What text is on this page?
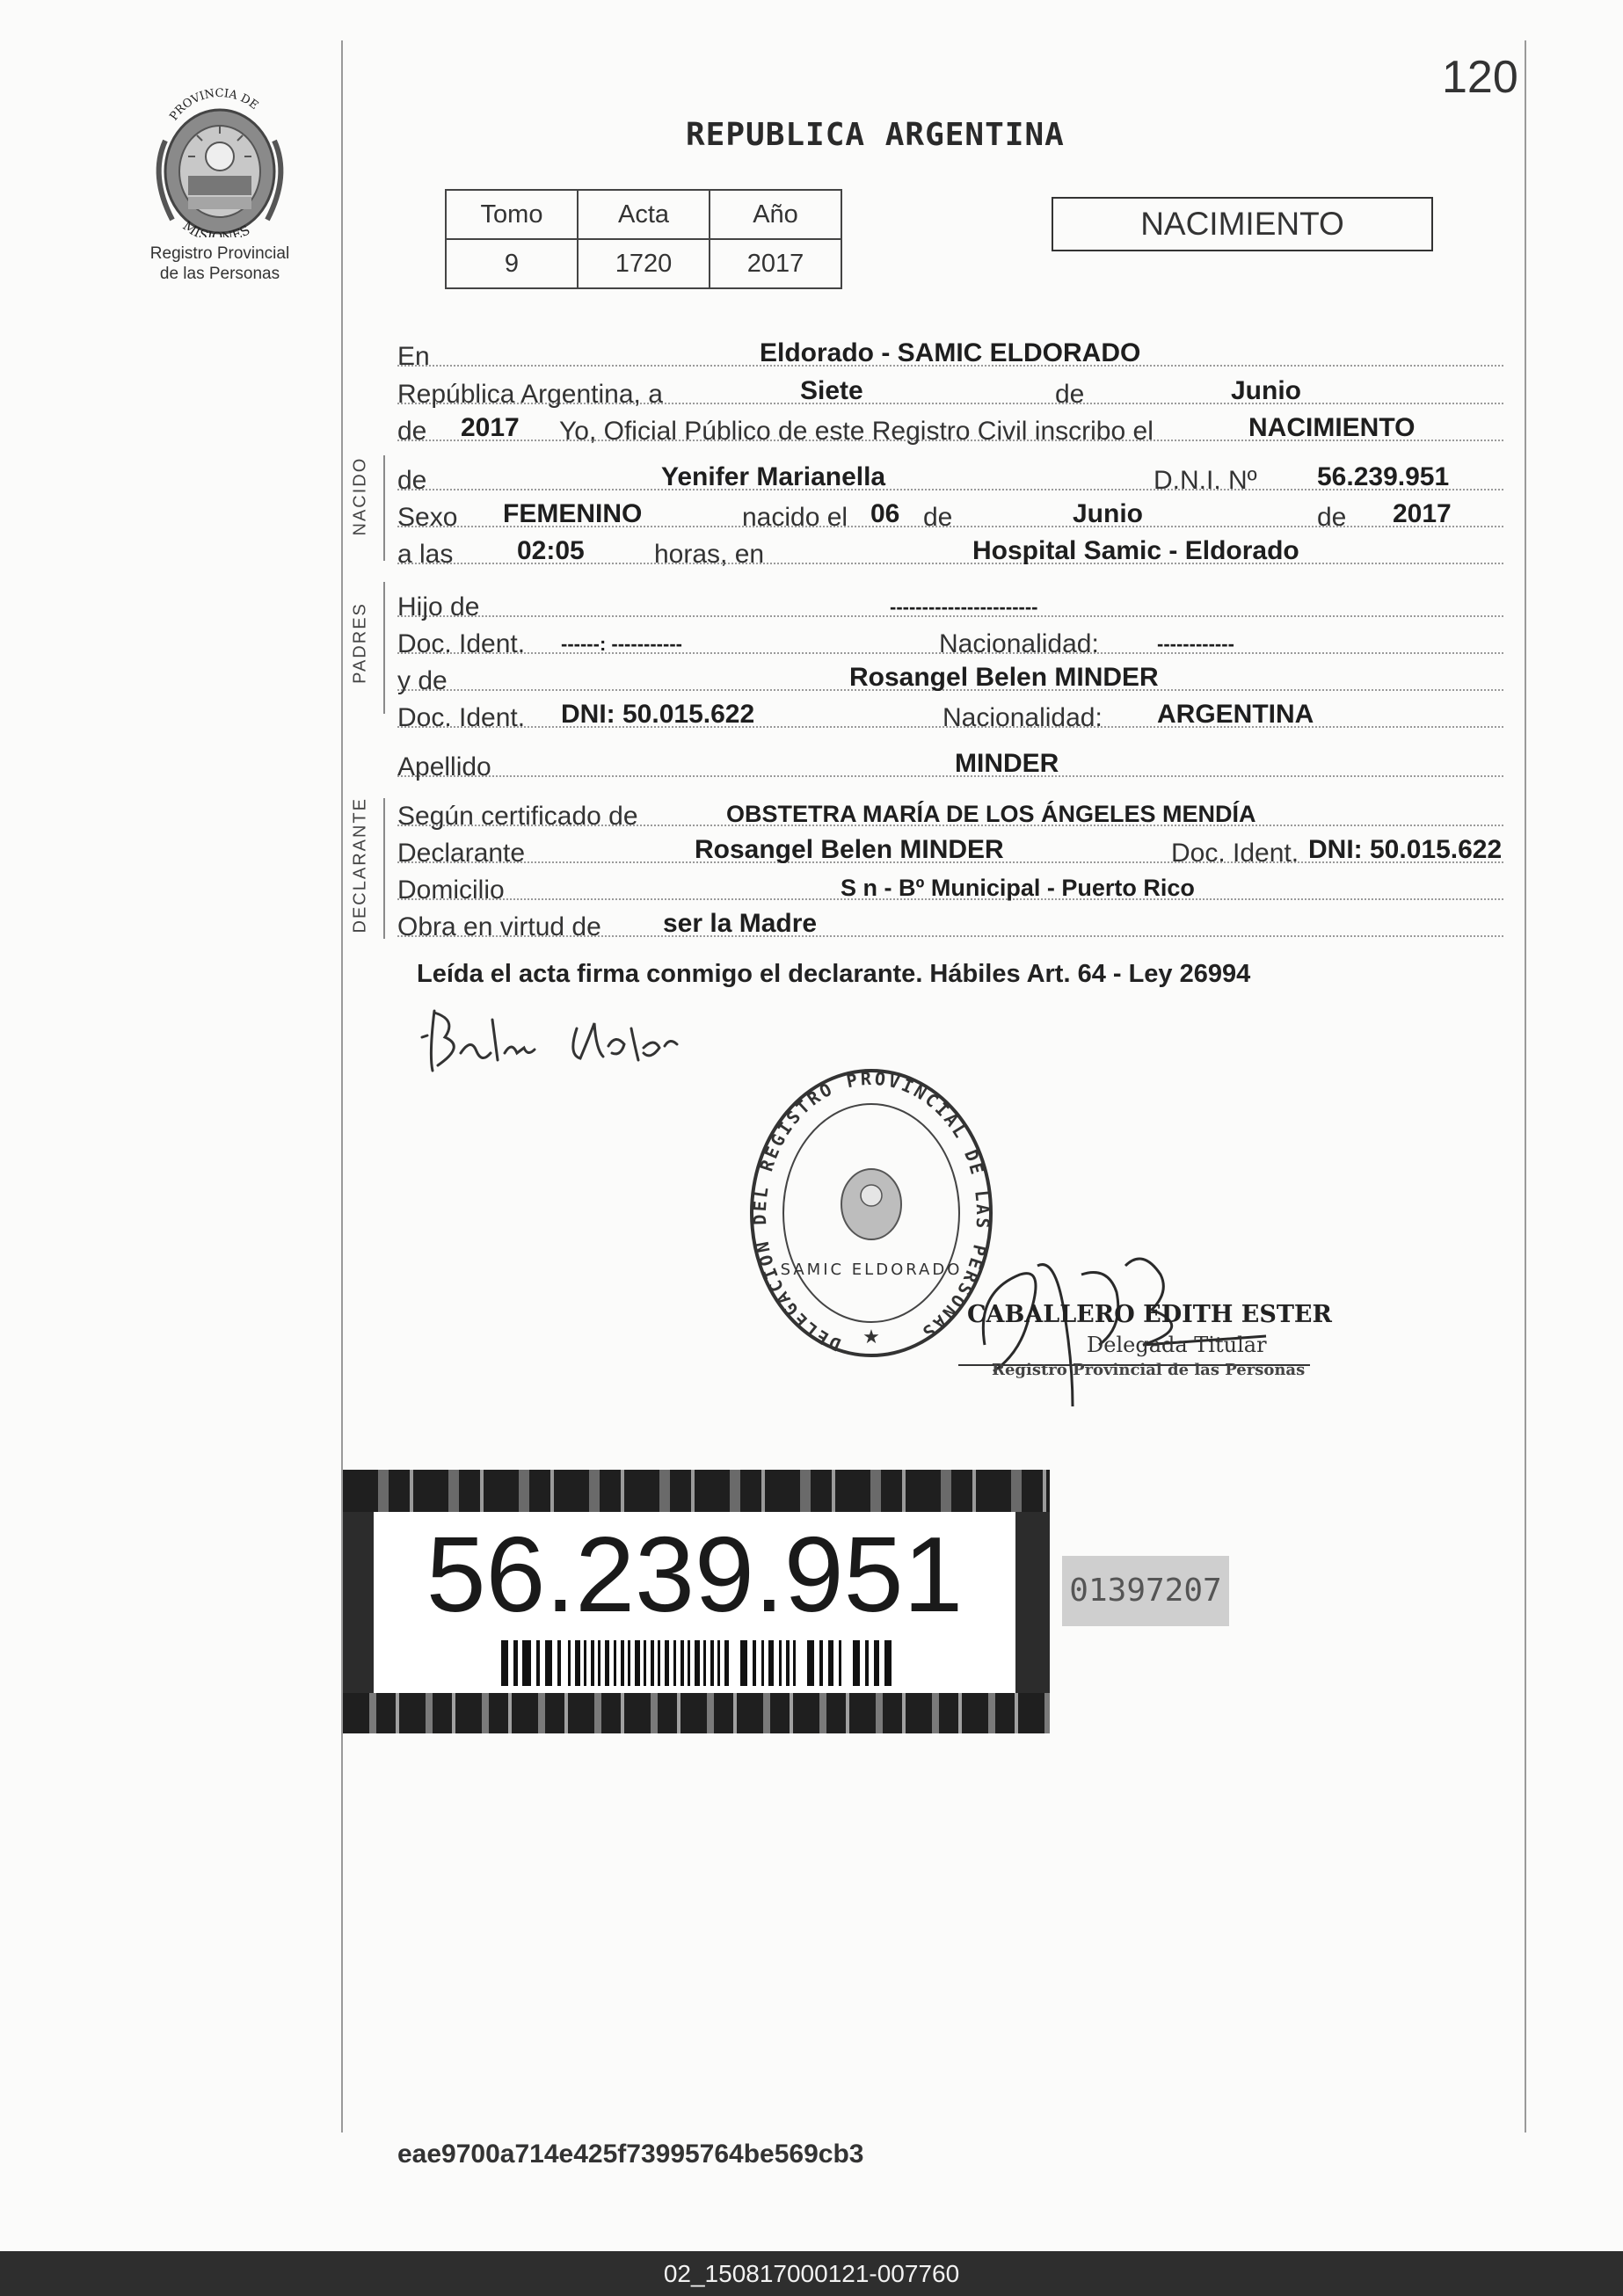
120
PROVINCIA DE
MISIONES
Registro Provincial
de las Personas
REPUBLICA ARGENTINA
Tomo	Acta	Año
9	1720	2017
NACIMIENTO
NACIDO
PADRES
DECLARANTE
En	Eldorado - SAMIC ELDORADO
República Argentina, a	Siete	de	Junio
de 2017 Yo, Oficial Público de este Registro Civil inscribo el	NACIMIENTO
de	Yenifer Marianella	D.N.I. Nº 56.239.951
Sexo FEMENINO	nacido el 06 de	Junio	de 2017
a las 02:05	horas, en	Hospital Samic - Eldorado
Hijo de	-----------------------
Doc. Ident. ------: -----------	Nacionalidad:	------------
y de	Rosangel Belen MINDER
Doc. Ident. DNI: 50.015.622	Nacionalidad: ARGENTINA
Apellido	MINDER
Según certificado de	OBSTETRA MARÍA DE LOS ÁNGELES MENDÍA
Declarante	Rosangel Belen MINDER	Doc. Ident. DNI: 50.015.622
Domicilio	S n - Bº Municipal - Puerto Rico
Obra en virtud de ser la Madre
Leída el acta firma conmigo el declarante. Hábiles Art. 64 - Ley 26994
DELEGACION DEL REGISTRO PROVINCIAL DE LAS PERSONAS
SAMIC ELDORADO
★
CABALLERO EDITH ESTER
Delegada Titular
Registro Provincial de las Personas
56.239.951	01397207
eae9700a714e425f73995764be569cb3
02_150817000121-007760
